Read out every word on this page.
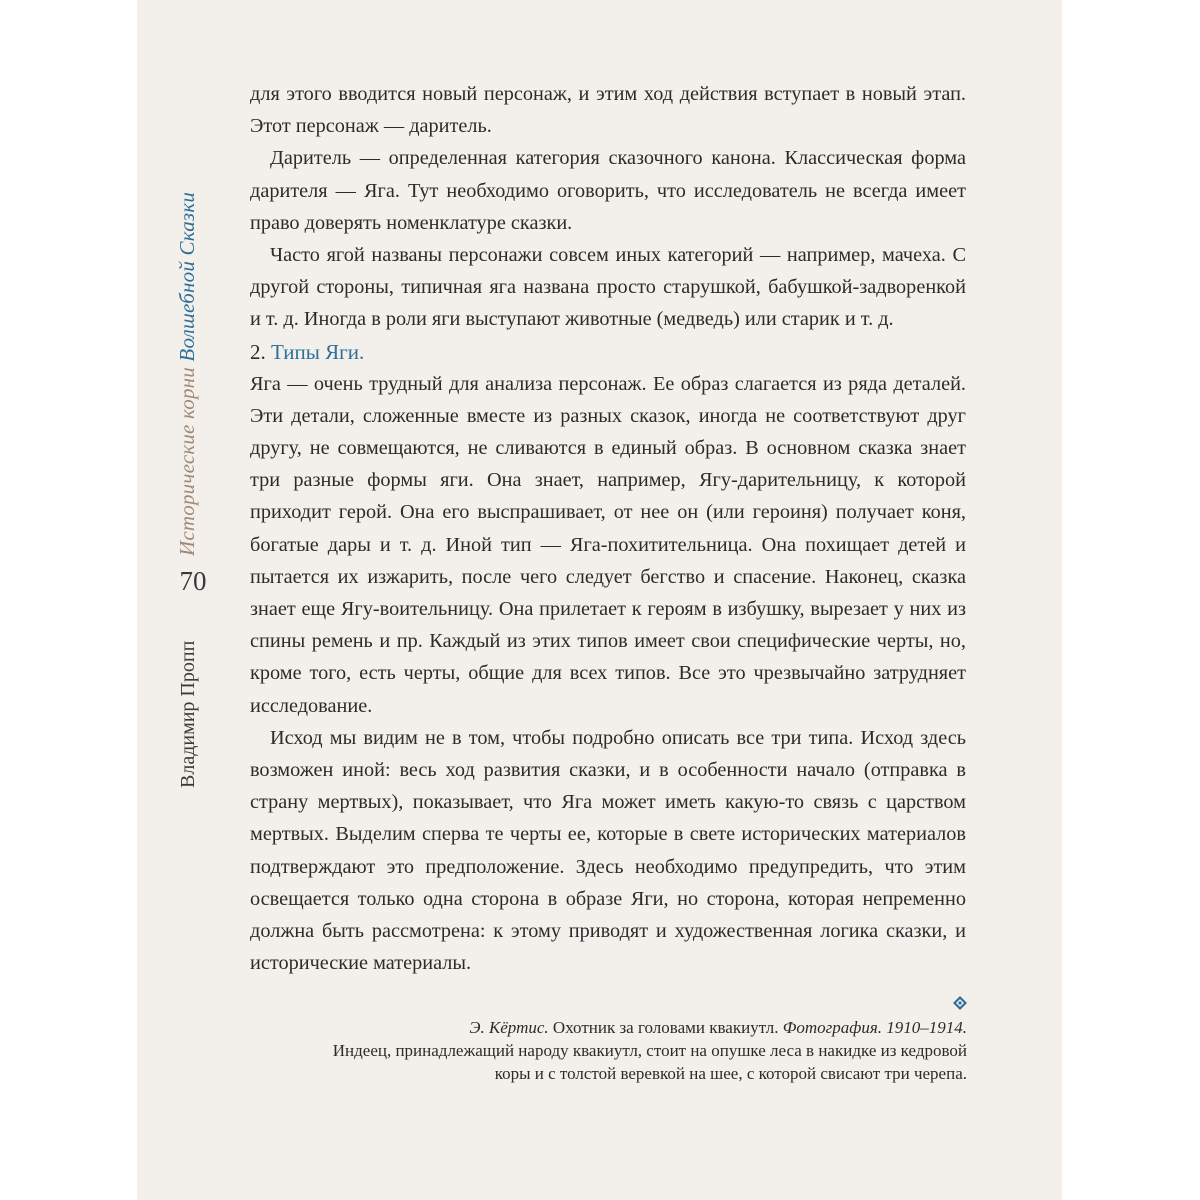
Исторические корни Волшебной Сказки
70
Владимир Пропп

для этого вводится новый персонаж, и этим ход действия вступает в новый этап. Этот персонаж — даритель.

Даритель — определенная категория сказочного канона. Классическая форма дарителя — Яга. Тут необходимо оговорить, что исследователь не всегда имеет право доверять номенклатуре сказки.

Часто ягой названы персонажи совсем иных категорий — например, мачеха. С другой стороны, типичная яга названа просто старушкой, бабушкой-задворенкой и т. д. Иногда в роли яги выступают животные (медведь) или старик и т. д.

2. Типы Яги.

Яга — очень трудный для анализа персонаж. Ее образ слагается из ряда деталей. Эти детали, сложенные вместе из разных сказок, иногда не соответствуют друг другу, не совмещаются, не сливаются в единый образ. В основном сказка знает три разные формы яги. Она знает, например, Ягу-дарительницу, к которой приходит герой. Она его выспрашивает, от нее он (или героиня) получает коня, богатые дары и т. д. Иной тип — Яга-похитительница. Она похищает детей и пытается их изжарить, после чего следует бегство и спасение. Наконец, сказка знает еще Ягу-воительницу. Она прилетает к героям в избушку, вырезает у них из спины ремень и пр. Каждый из этих типов имеет свои специфические черты, но, кроме того, есть черты, общие для всех типов. Все это чрезвычайно затрудняет исследование.

Исход мы видим не в том, чтобы подробно описать все три типа. Исход здесь возможен иной: весь ход развития сказки, и в особенности начало (отправка в страну мертвых), показывает, что Яга может иметь какую-то связь с царством мертвых. Выделим сперва те черты ее, которые в свете исторических материалов подтверждают это предположение. Здесь необходимо предупредить, что этим освещается только одна сторона в образе Яги, но сторона, которая непременно должна быть рассмотрена: к этому приводят и художественная логика сказки, и исторические материалы.

Э. Кёртис. Охотник за головами квакиутл. Фотография. 1910–1914.
Индеец, принадлежащий народу квакиутл, стоит на опушке леса в накидке из кедровой коры и с толстой веревкой на шее, с которой свисают три черепа.
